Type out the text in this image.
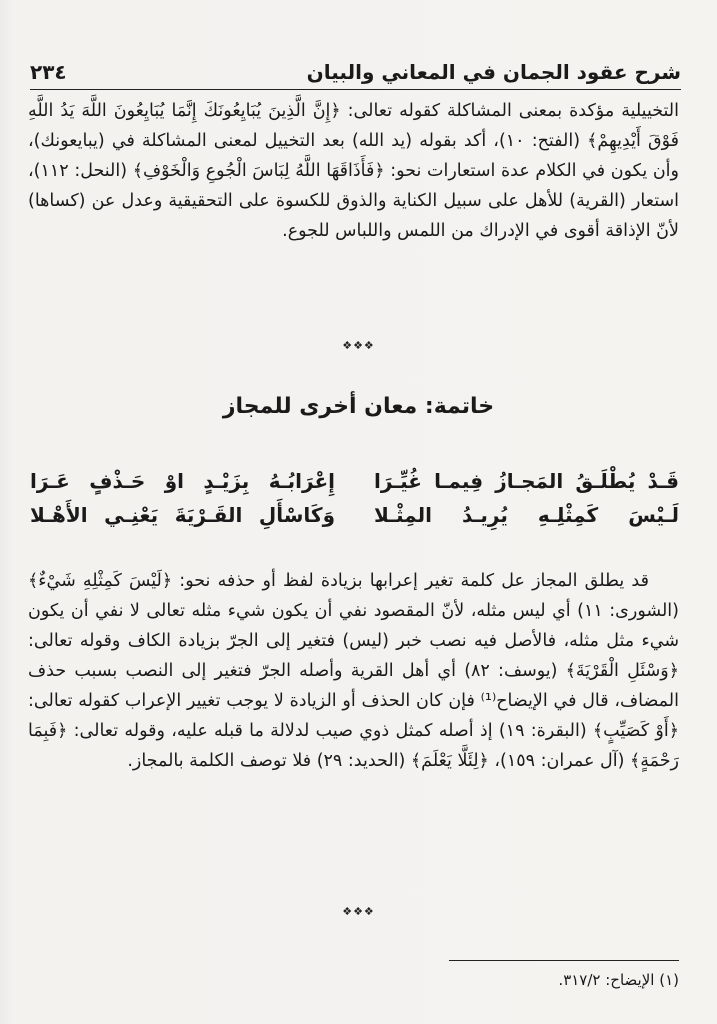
شرح عقود الجمان في المعاني والبيان
٢٣٤

التخييلية مؤكدة بمعنى المشاكلة كقوله تعالى: ﴿إِنَّ الَّذِينَ يُبَايِعُونَكَ إِنَّمَا يُبَايِعُونَ اللَّهَ يَدُ اللَّهِ فَوْقَ أَيْدِيهِمْ﴾ (الفتح: ١٠)، أكد بقوله (يد الله) بعد التخييل لمعنى المشاكلة في (يبايعونك)، وأن يكون في الكلام عدة استعارات نحو: ﴿فَأَذَاقَهَا اللَّهُ لِبَاسَ الْجُوعِ وَالْخَوْفِ﴾ (النحل: ١١٢)، استعار (القرية) للأهل على سبيل الكناية والذوق للكسوة على التحقيقية وعدل عن (كساها) لأنّ الإذاقة أقوى في الإدراك من اللمس واللباس للجوع.

❖❖❖
خاتمة: معان أخرى للمجاز
قَـدْ يُطْلَـقُ المَجـازُ فِيمـا غُيِّـرَا
إِعْرَابُـهُ بِزَيْـدٍ اوْ حَـذْفٍ عَـرَا
لَـيْسَ كَمِثْلِـهِ يُرِيـدُ المِثْـلا
وَكَاسْأَلِ القَـرْيَةَ يَعْنِـي الأَهْـلا

قد يطلق المجاز عل كلمة تغير إعرابها بزيادة لفظ أو حذفه نحو: ﴿لَيْسَ كَمِثْلِهِ شَيْءٌ﴾ (الشورى: ١١) أي ليس مثله، لأنّ المقصود نفي أن يكون شيء مثله تعالى لا نفي أن يكون شيء مثل مثله، فالأصل فيه نصب خبر (ليس) فتغير إلى الجرّ بزيادة الكاف وقوله تعالى: ﴿وَسْئَلِ الْقَرْيَةَ﴾ (يوسف: ٨٢) أي أهل القرية وأصله الجرّ فتغير إلى النصب بسبب حذف المضاف، قال في الإيضاح⁽¹⁾ فإن كان الحذف أو الزيادة لا يوجب تغيير الإعراب كقوله تعالى: ﴿أَوْ كَصَيِّبٍ﴾ (البقرة: ١٩) إذ أصله كمثل ذوي صيب لدلالة ما قبله عليه، وقوله تعالى: ﴿فَبِمَا رَحْمَةٍ﴾ (آل عمران: ١٥٩)، ﴿لِئَلَّا يَعْلَمَ﴾ (الحديد: ٢٩) فلا توصف الكلمة بالمجاز.

❖❖❖

(١) الإيضاح: ٣١٧/٢.
